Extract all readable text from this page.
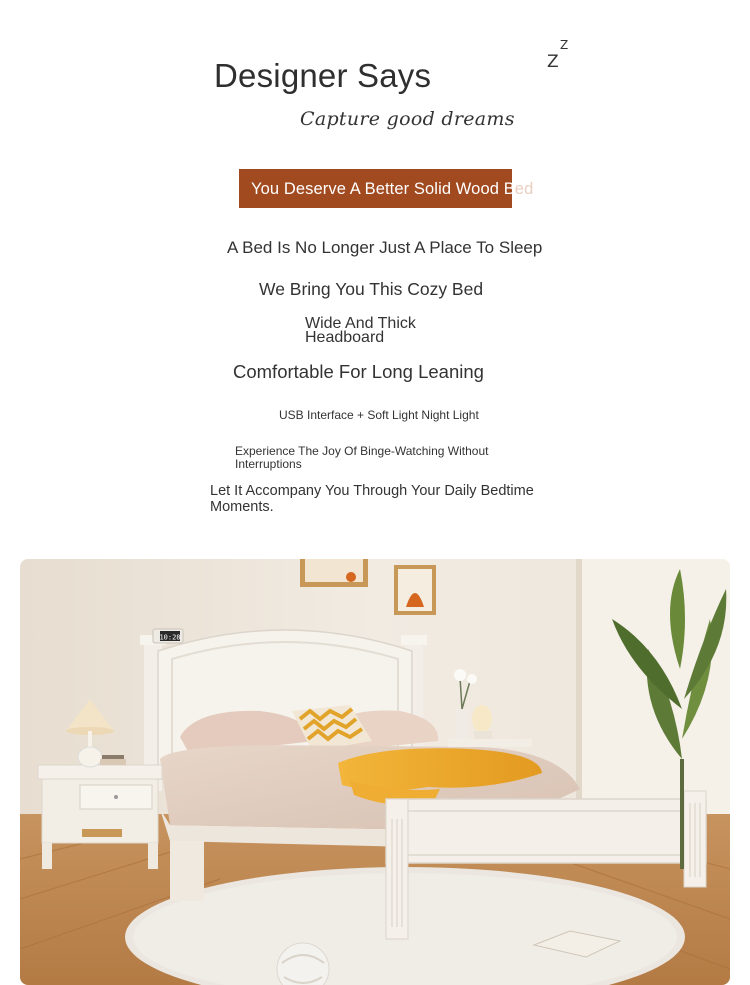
Designer Says	Z
Z
Capture good dreams
You Deserve A Better Solid Wood Bed
A Bed Is No Longer Just A Place To Sleep
We Bring You This Cozy Bed
Wide And Thick Headboard
Comfortable For Long Leaning
USB Interface + Soft Light Night Light
Experience The Joy Of Binge-Watching Without Interruptions
Let It Accompany You Through Your Daily Bedtime Moments.
10:28
